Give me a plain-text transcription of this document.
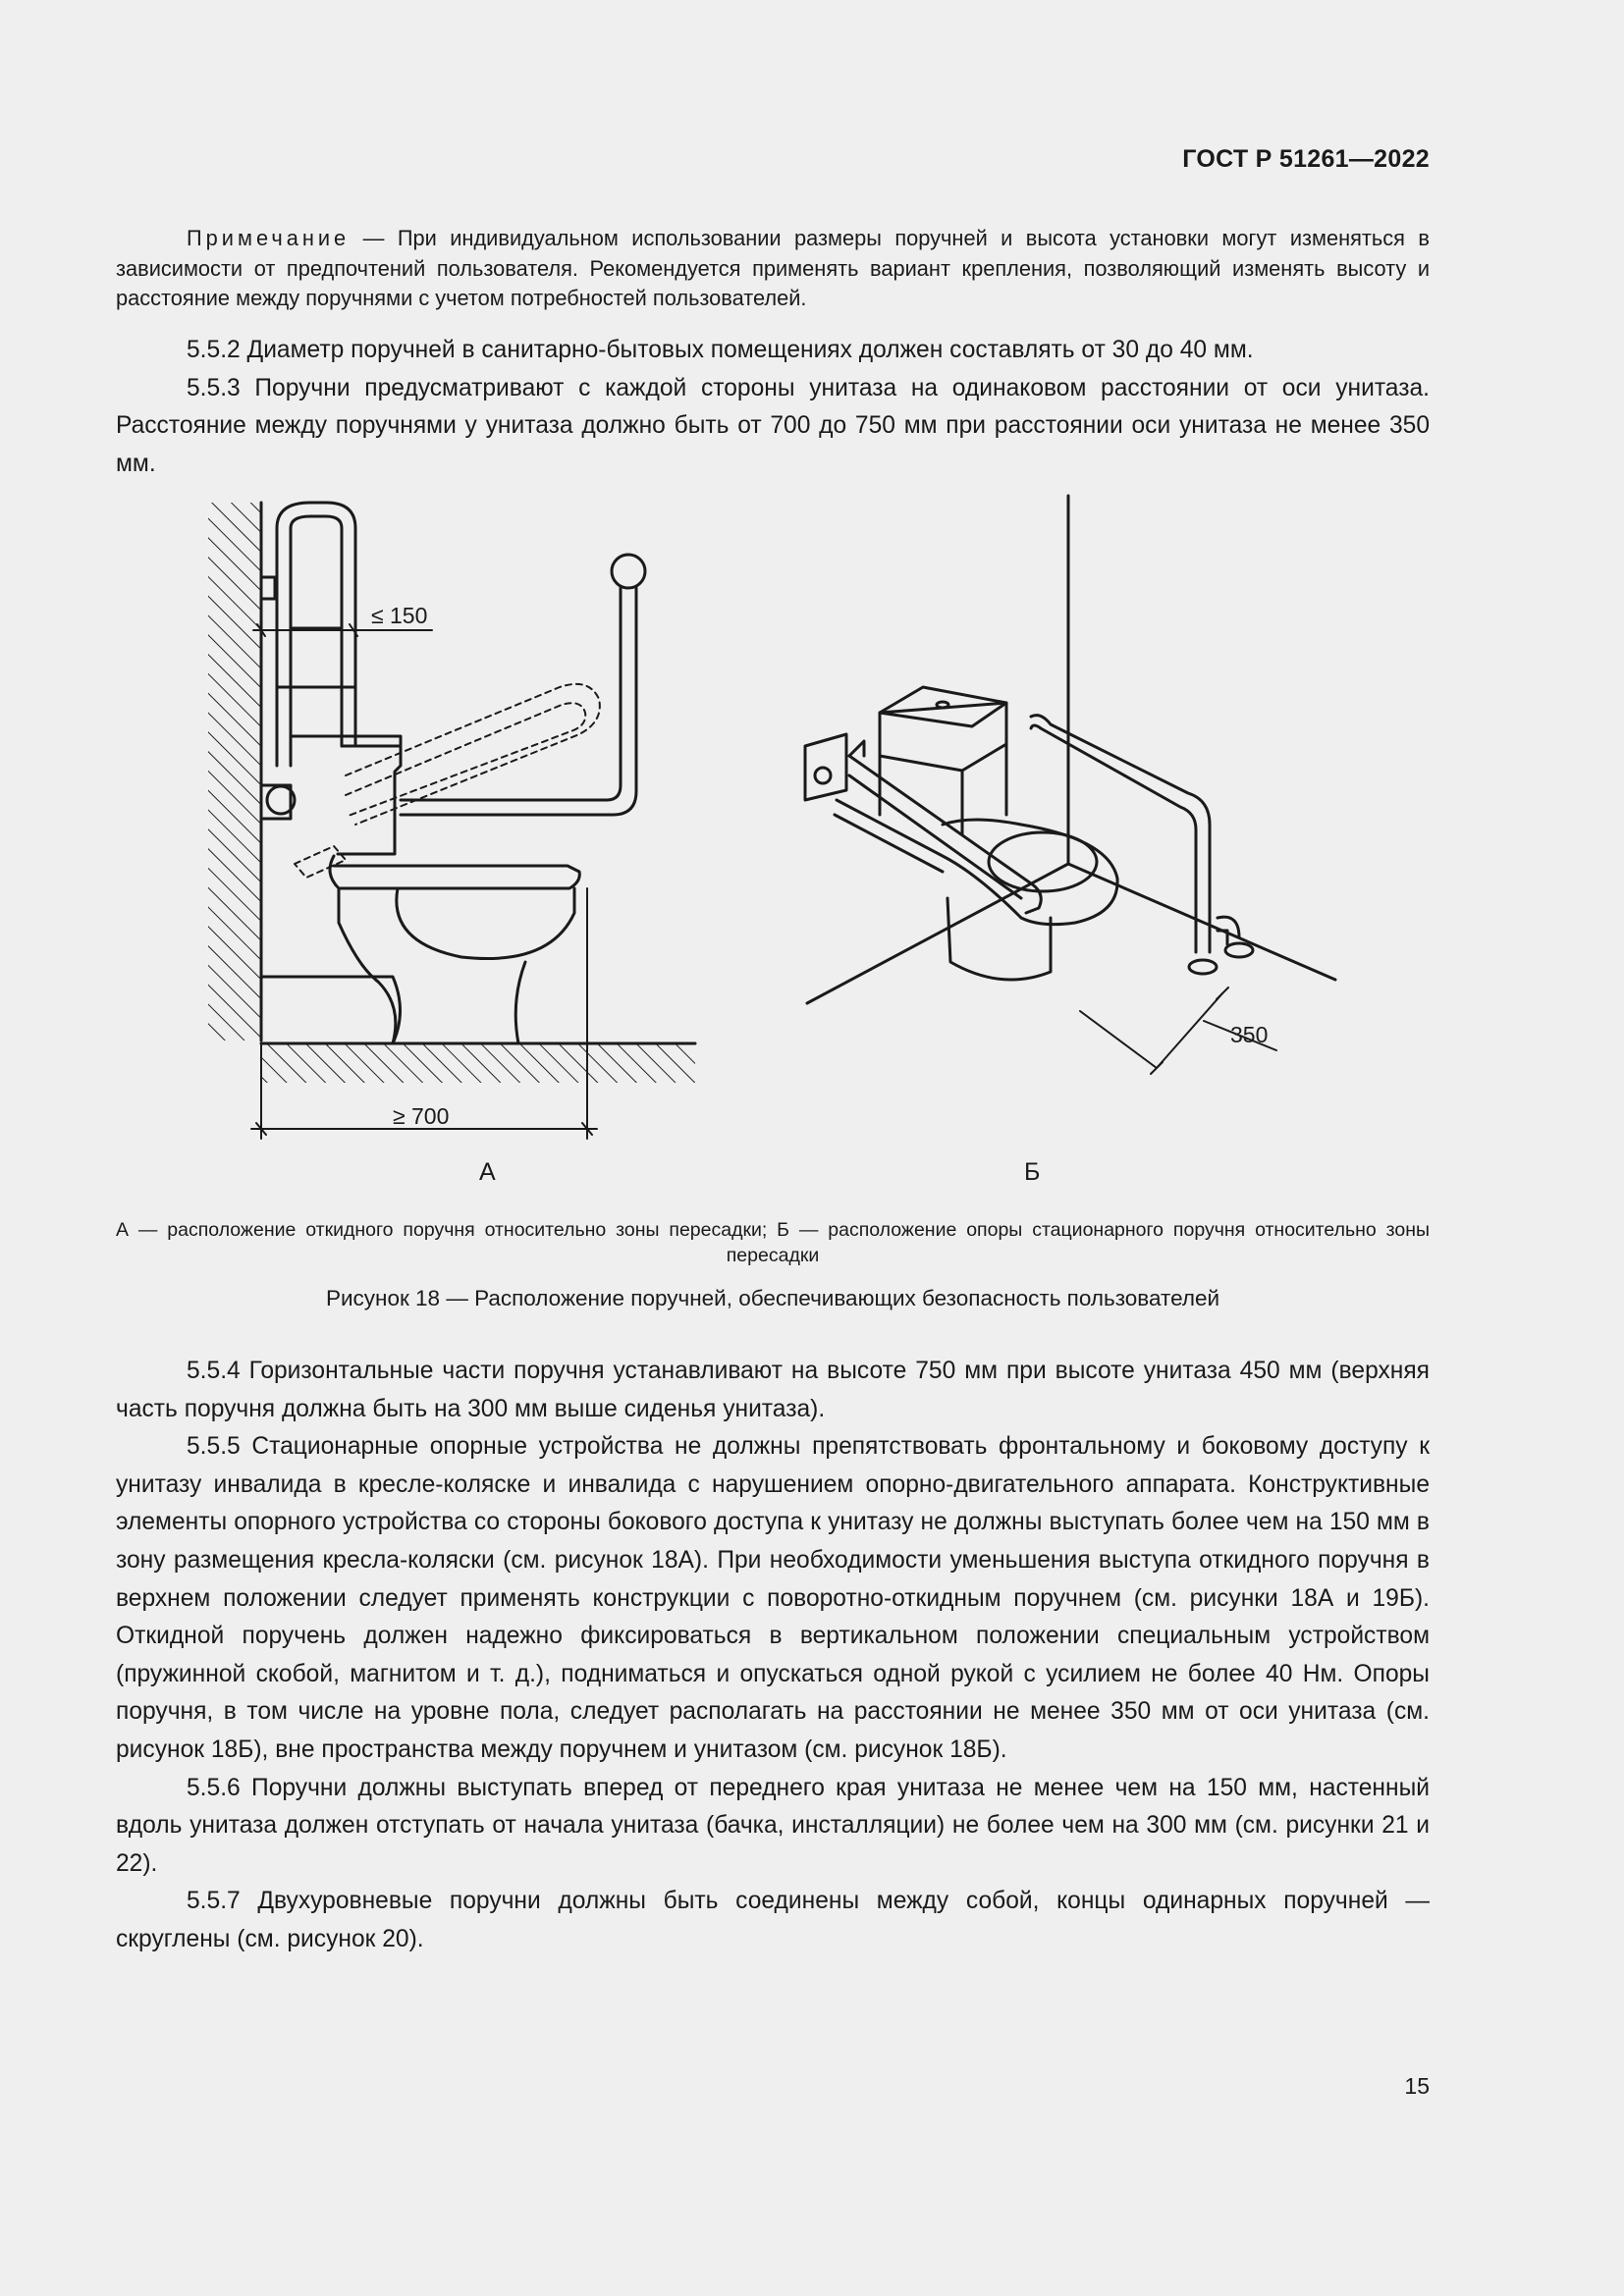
ГОСТ Р 51261—2022

Примечание — При индивидуальном использовании размеры поручней и высота установки могут изменяться в зависимости от предпочтений пользователя. Рекомендуется применять вариант крепления, позволяющий изменять высоту и расстояние между поручнями с учетом потребностей пользователей.

5.5.2 Диаметр поручней в санитарно-бытовых помещениях должен составлять от 30 до 40 мм.

5.5.3 Поручни предусматривают с каждой стороны унитаза на одинаковом расстоянии от оси унитаза. Расстояние между поручнями у унитаза должно быть от 700 до 750 мм при расстоянии оси унитаза не менее 350 мм.

≤ 150
≥ 700
350
А	Б
А — расположение откидного поручня относительно зоны пересадки; Б — расположение опоры стационарного поручня относительно зоны пересадки
Рисунок 18 — Расположение поручней, обеспечивающих безопасность пользователей

5.5.4 Горизонтальные части поручня устанавливают на высоте 750 мм при высоте унитаза 450 мм (верхняя часть поручня должна быть на 300 мм выше сиденья унитаза).

5.5.5 Стационарные опорные устройства не должны препятствовать фронтальному и боковому доступу к унитазу инвалида в кресле-коляске и инвалида с нарушением опорно-двигательного аппарата. Конструктивные элементы опорного устройства со стороны бокового доступа к унитазу не должны выступать более чем на 150 мм в зону размещения кресла-коляски (см. рисунок 18А). При необходимости уменьшения выступа откидного поручня в верхнем положении следует применять конструкции с поворотно-откидным поручнем (см. рисунки 18А и 19Б). Откидной поручень должен надежно фиксироваться в вертикальном положении специальным устройством (пружинной скобой, магнитом и т. д.), подниматься и опускаться одной рукой с усилием не более 40 Нм. Опоры поручня, в том числе на уровне пола, следует располагать на расстоянии не менее 350 мм от оси унитаза (см. рисунок 18Б), вне пространства между поручнем и унитазом (см. рисунок 18Б).

5.5.6 Поручни должны выступать вперед от переднего края унитаза не менее чем на 150 мм, настенный вдоль унитаза должен отступать от начала унитаза (бачка, инсталляции) не более чем на 300 мм (см. рисунки 21 и 22).

5.5.7 Двухуровневые поручни должны быть соединены между собой, концы одинарных поручней — скруглены (см. рисунок 20).

15
